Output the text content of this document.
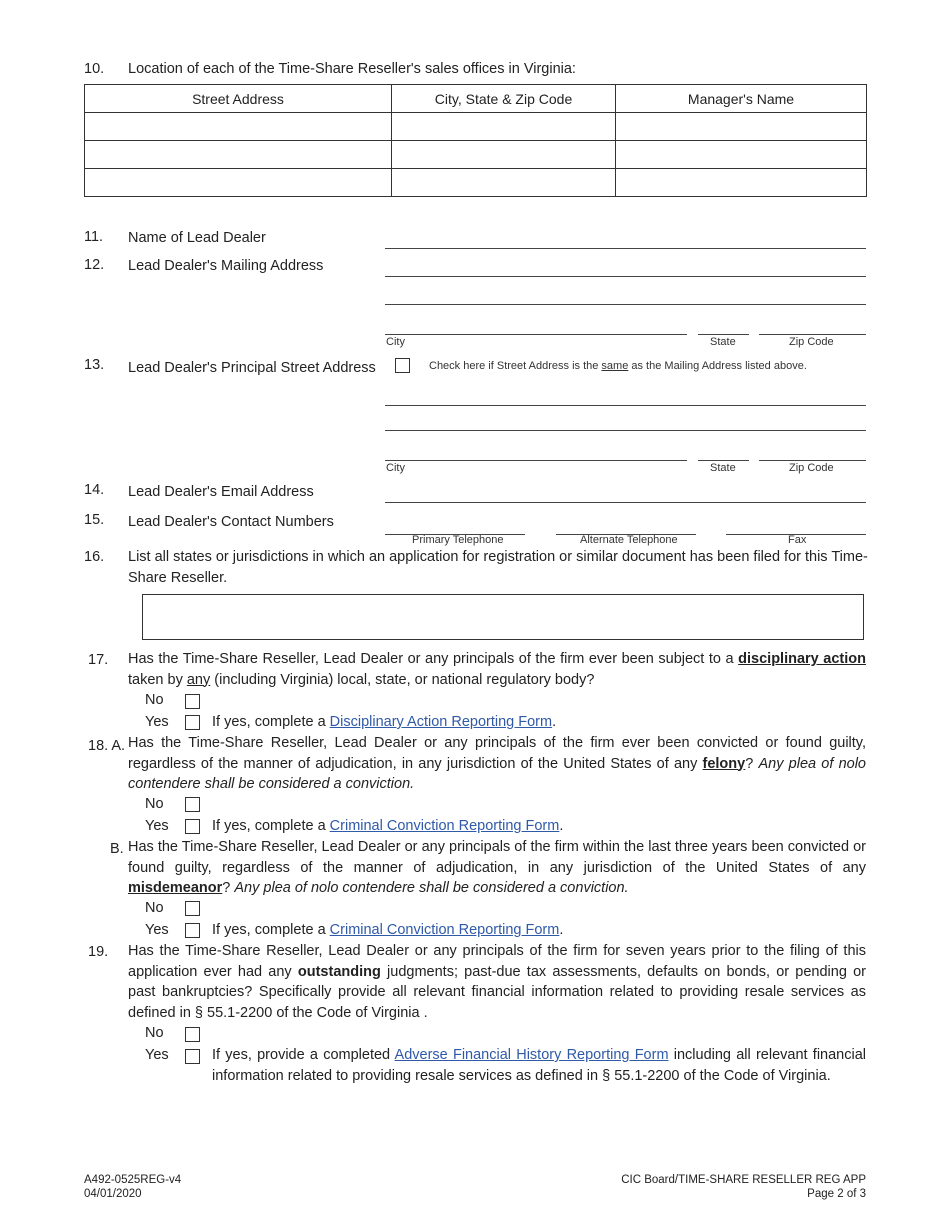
10. Location of each of the Time-Share Reseller's sales offices in Virginia:
Street Address	City, State & Zip Code	Manager's Name

11. Name of Lead Dealer
12. Lead Dealer's Mailing Address
City	State	Zip Code
13. Lead Dealer's Principal Street Address	Check here if Street Address is the same as the Mailing Address listed above.
City	State	Zip Code
14. Lead Dealer's Email Address
15. Lead Dealer's Contact Numbers
Primary Telephone	Alternate Telephone	Fax
16. List all states or jurisdictions in which an application for registration or similar document has been filed for this Time-
Share Reseller.
17. Has the Time-Share Reseller, Lead Dealer or any principals of the firm ever been subject to a disciplinary action taken by any (including Virginia) local, state, or national regulatory body?
No
Yes	If yes, complete a Disciplinary Action Reporting Form.
18. A. Has the Time-Share Reseller, Lead Dealer or any principals of the firm ever been convicted or found guilty, regardless of the manner of adjudication, in any jurisdiction of the United States of any felony? Any plea of nolo contendere shall be considered a conviction.
No
Yes	If yes, complete a Criminal Conviction Reporting Form.
B. Has the Time-Share Reseller, Lead Dealer or any principals of the firm within the last three years been convicted or found guilty, regardless of the manner of adjudication, in any jurisdiction of the United States of any misdemeanor? Any plea of nolo contendere shall be considered a conviction.
No
Yes	If yes, complete a Criminal Conviction Reporting Form.
19. Has the Time-Share Reseller, Lead Dealer or any principals of the firm for seven years prior to the filing of this application ever had any outstanding judgments; past-due tax assessments, defaults on bonds, or pending or past bankruptcies? Specifically provide all relevant financial information related to providing resale services as defined in § 55.1-2200 of the Code of Virginia .
No
Yes	If yes, provide a completed Adverse Financial History Reporting Form including all relevant financial information related to providing resale services as defined in § 55.1-2200 of the Code of Virginia.
A492-0525REG-v4
04/01/2020
CIC Board/TIME-SHARE RESELLER REG APP
Page 2 of 3
